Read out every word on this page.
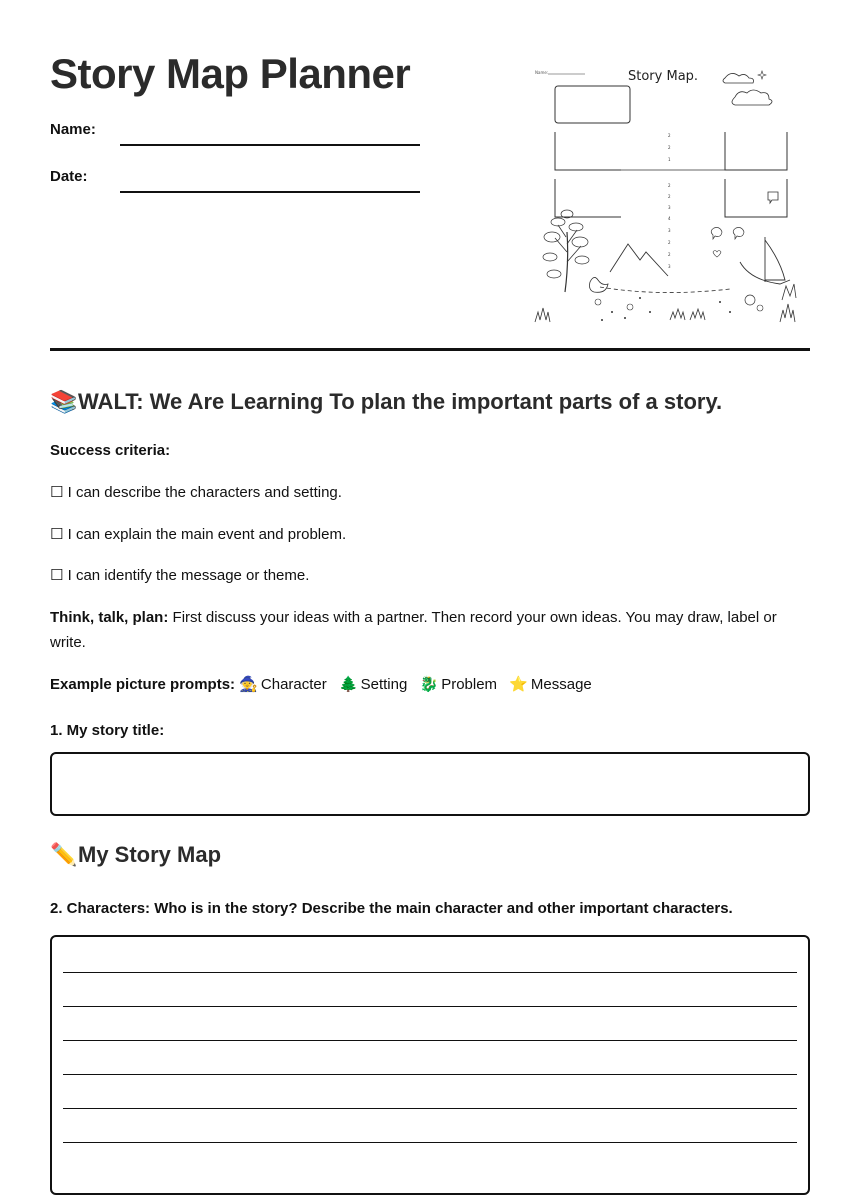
Story Map Planner
Name:
Date:
Name:	Story Map.
2
2
1
2
2
3
4
3
2
2
3
📚WALT: We Are Learning To plan the important parts of a story.

Success criteria:

☐ I can describe the characters and setting.

☐ I can explain the main event and problem.

☐ I can identify the message or theme.

Think, talk, plan: First discuss your ideas with a partner. Then record your own ideas. You may draw, label or write.

Example picture prompts: 🧙 Character 🌲 Setting 🐉 Problem ⭐ Message

1. My story title:

✏️My Story Map

2. Characters: Who is in the story? Describe the main character and other important characters.
